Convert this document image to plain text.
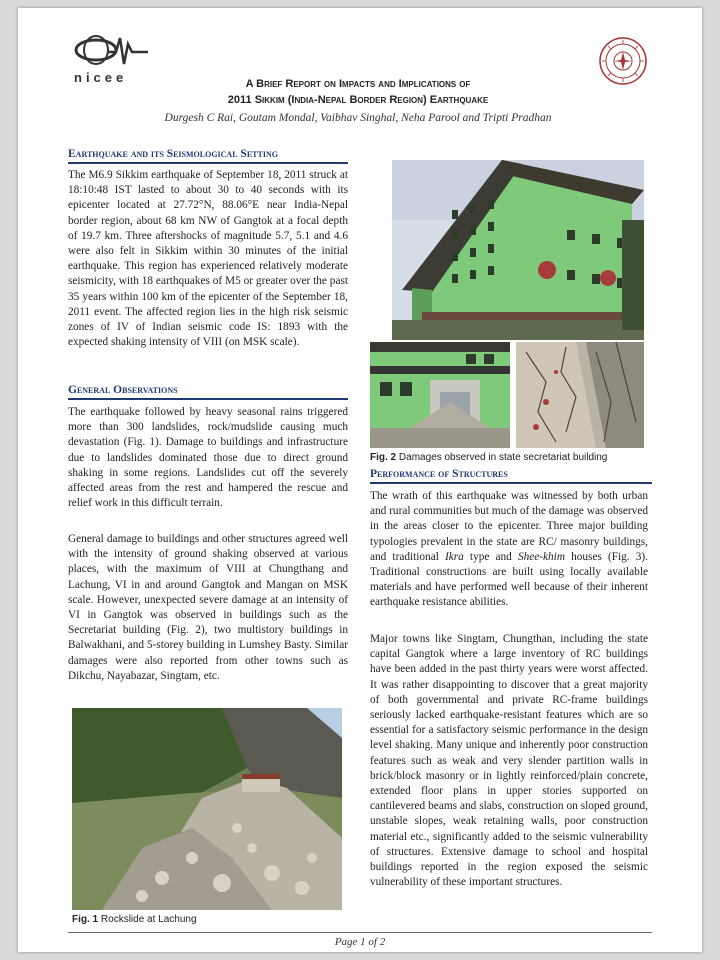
nicee	A Brief Report on Impacts and Implications of
2011 Sikkim (India-Nepal Border Region) Earthquake
Durgesh C Rai, Goutam Mondal, Vaibhav Singhal, Neha Parool and Tripti Pradhan
Earthquake and its Seismological Setting

The M6.9 Sikkim earthquake of September 18, 2011 struck at 18:10:48 IST lasted to about 30 to 40 seconds with its epicenter located at 27.72°N, 88.06°E near India-Nepal border region, about 68 km NW of Gangtok at a focal depth of 19.7 km. Three aftershocks of magnitude 5.7, 5.1 and 4.6 were also felt in Sikkim within 30 minutes of the initial earthquake. This region has experienced relatively moderate seismicity, with 18 earthquakes of M5 or greater over the past 35 years within 100 km of the epicenter of the September 18, 2011 event. The affected region lies in the high risk seismic zones of IV of Indian seismic code IS: 1893 with the expected shaking intensity of VIII (on MSK scale).

General Observations

The earthquake followed by heavy seasonal rains triggered more than 300 landslides, rock/mudslide causing much devastation (Fig. 1). Damage to buildings and infrastructure due to landslides dominated those due to direct ground shaking in some regions. Landslides cut off the severely affected areas from the rest and hampered the rescue and relief work in this difficult terrain.

General damage to buildings and other structures agreed well with the intensity of ground shaking observed at various places, with the maximum of VIII at Chungthang and Lachung, VI in and around Gangtok and Mangan on MSK scale. However, unexpected severe damage at an intensity of VI in Gangtok was observed in buildings such as the Secretariat building (Fig. 2), two multistory buildings in Balwakhani, and 5-storey building in Lumshey Basty. Similar damages were also reported from other towns such as Dikchu, Nayabazar, Singtam, etc.

Fig. 1 Rockslide at Lachung
Fig. 2 Damages observed in state secretariat building
Performance of Structures

The wrath of this earthquake was witnessed by both urban and rural communities but much of the damage was observed in the areas closer to the epicenter. Three major building typologies prevalent in the state are RC/ masonry buildings, and traditional Ikra type and Shee-khim houses (Fig. 3). Traditional constructions are built using locally available materials and have performed well because of their inherent earthquake resistance abilities.

Major towns like Singtam, Chungthan, including the state capital Gangtok where a large inventory of RC buildings have been added in the past thirty years were worst affected. It was rather disappointing to discover that a great majority of both governmental and private RC-frame buildings seriously lacked earthquake-resistant features which are so essential for a satisfactory seismic performance in the design level shaking. Many unique and inherently poor construction features such as weak and very slender partition walls in brick/block masonry or in lightly reinforced/plain concrete, extended floor plans in upper stories supported on cantilevered beams and slabs, construction on sloped ground, unstable slopes, weak retaining walls, poor construction material etc., significantly added to the seismic vulnerability of structures. Extensive damage to school and hospital buildings reported in the region exposed the seismic vulnerability of these important structures.

Page 1 of 2
